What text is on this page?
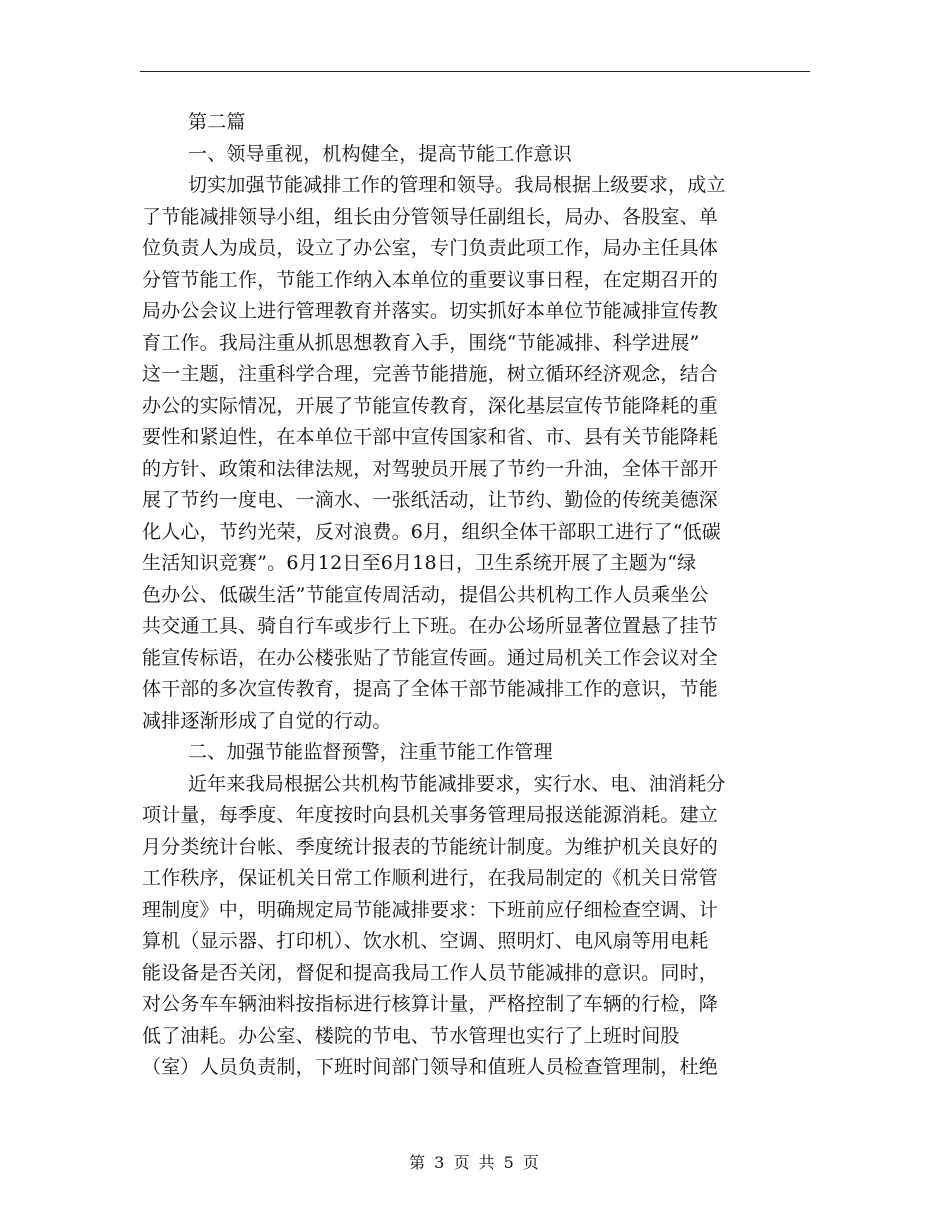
第二篇
一、领导重视，机构健全，提高节能工作意识
切实加强节能减排工作的管理和领导。我局根据上级要求，成立
了节能减排领导小组，组长由分管领导任副组长，局办、各股室、单
位负责人为成员，设立了办公室，专门负责此项工作，局办主任具体
分管节能工作，节能工作纳入本单位的重要议事日程，在定期召开的
局办公会议上进行管理教育并落实。切实抓好本单位节能减排宣传教
育工作。我局注重从抓思想教育入手，围绕“节能减排、科学进展”
这一主题，注重科学合理，完善节能措施，树立循环经济观念，结合
办公的实际情况，开展了节能宣传教育，深化基层宣传节能降耗的重
要性和紧迫性，在本单位干部中宣传国家和省、市、县有关节能降耗
的方针、政策和法律法规，对驾驶员开展了节约一升油，全体干部开
展了节约一度电、一滴水、一张纸活动，让节约、勤俭的传统美德深
化人心，节约光荣，反对浪费。6月，组织全体干部职工进行了“低碳
生活知识竞赛”。6月12日至6月18日，卫生系统开展了主题为“绿
色办公、低碳生活”节能宣传周活动，提倡公共机构工作人员乘坐公
共交通工具、骑自行车或步行上下班。在办公场所显著位置悬了挂节
能宣传标语，在办公楼张贴了节能宣传画。通过局机关工作会议对全
体干部的多次宣传教育，提高了全体干部节能减排工作的意识，节能
减排逐渐形成了自觉的行动。
二、加强节能监督预警，注重节能工作管理
近年来我局根据公共机构节能减排要求，实行水、电、油消耗分
项计量，每季度、年度按时向县机关事务管理局报送能源消耗。建立
月分类统计台帐、季度统计报表的节能统计制度。为维护机关良好的
工作秩序，保证机关日常工作顺利进行，在我局制定的《机关日常管
理制度》中，明确规定局节能减排要求：下班前应仔细检查空调、计
算机（显示器、打印机）、饮水机、空调、照明灯、电风扇等用电耗
能设备是否关闭，督促和提高我局工作人员节能减排的意识。同时，
对公务车车辆油料按指标进行核算计量，严格控制了车辆的行检，降
低了油耗。办公室、楼院的节电、节水管理也实行了上班时间股
（室）人员负责制，下班时间部门领导和值班人员检查管理制，杜绝
第 3 页 共 5 页
